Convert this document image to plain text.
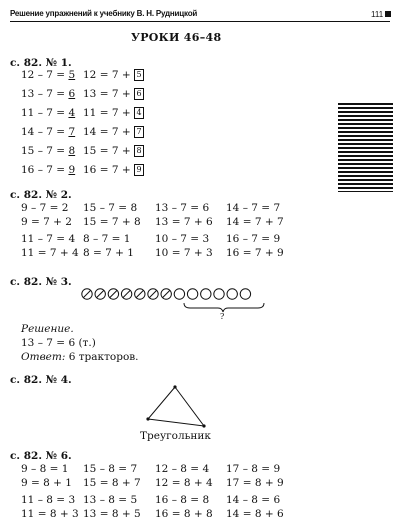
Решение упражнений к учебнику В. Н. Рудницкой	111
УРОКИ 46–48
с. 82. № 1.
12 – 7 = 5 12 = 7 + 5
13 – 7 = 6 13 = 7 + 6
11 – 7 = 4 11 = 7 + 4
14 – 7 = 7 14 = 7 + 7
15 – 7 = 8 15 = 7 + 8
16 – 7 = 9 16 = 7 + 9
с. 82. № 2.
9 – 7 = 2 15 – 7 = 8 13 – 7 = 6 14 – 7 = 7
9 = 7 + 2 15 = 7 + 8 13 = 7 + 6 14 = 7 + 7
11 – 7 = 4 8 – 7 = 1 10 – 7 = 3 16 – 7 = 9
11 = 7 + 4 8 = 7 + 1 10 = 7 + 3 16 = 7 + 9
с. 82. № 3.
?
Решение.
13 – 7 = 6 (т.)
Ответ: 6 тракторов.
с. 82. № 4.
Треугольник
с. 82. № 6.
9 – 8 = 1 15 – 8 = 7 12 – 8 = 4 17 – 8 = 9
9 = 8 + 1 15 = 8 + 7 12 = 8 + 4 17 = 8 + 9
11 – 8 = 3 13 – 8 = 5 16 – 8 = 8 14 – 8 = 6
11 = 8 + 3 13 = 8 + 5 16 = 8 + 8 14 = 8 + 6
